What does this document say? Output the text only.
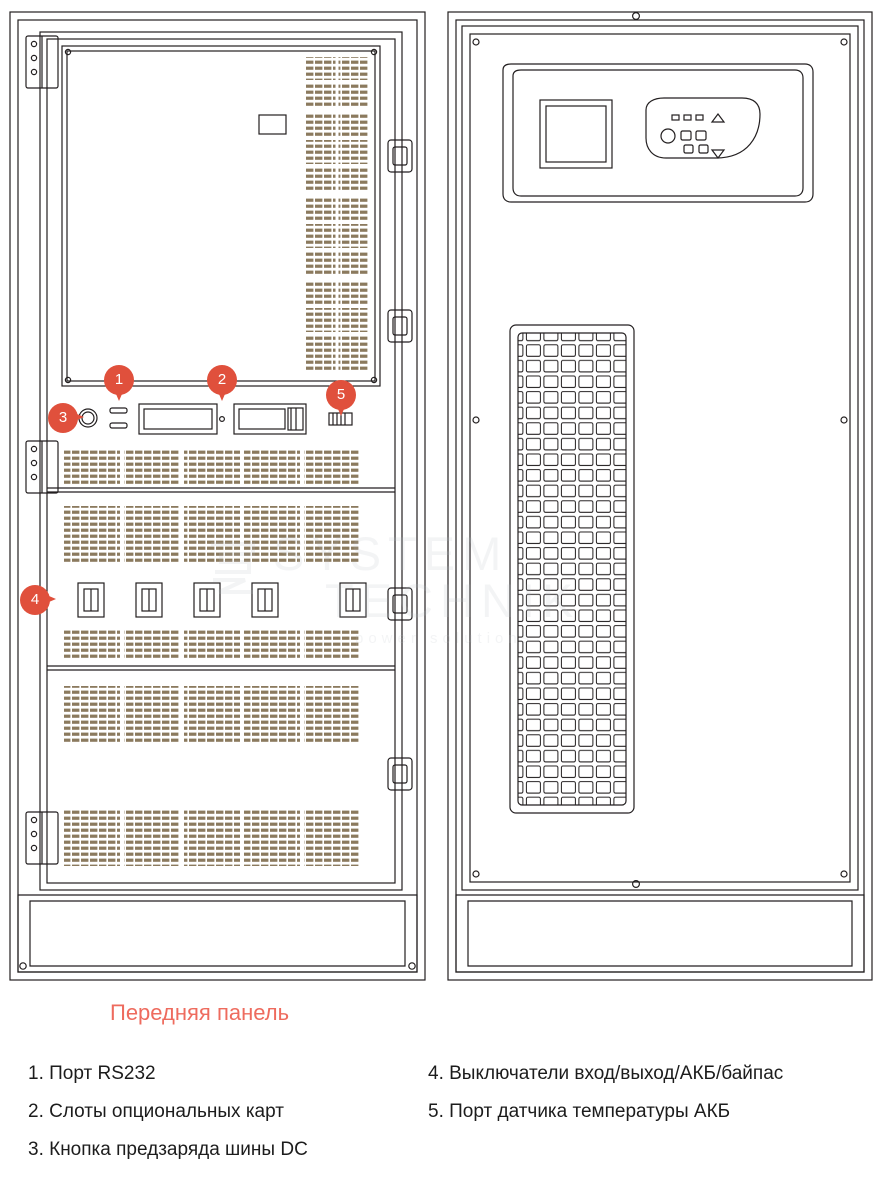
SYSTEM
TECHNIK
power solutions
1	2
3
4
5
Передняя панель
1. Порт RS232
2. Слоты опциональных карт
3. Кнопка предзаряда шины DC
4. Выключатели вход/выход/АКБ/байпас
5. Порт датчика температуры АКБ
